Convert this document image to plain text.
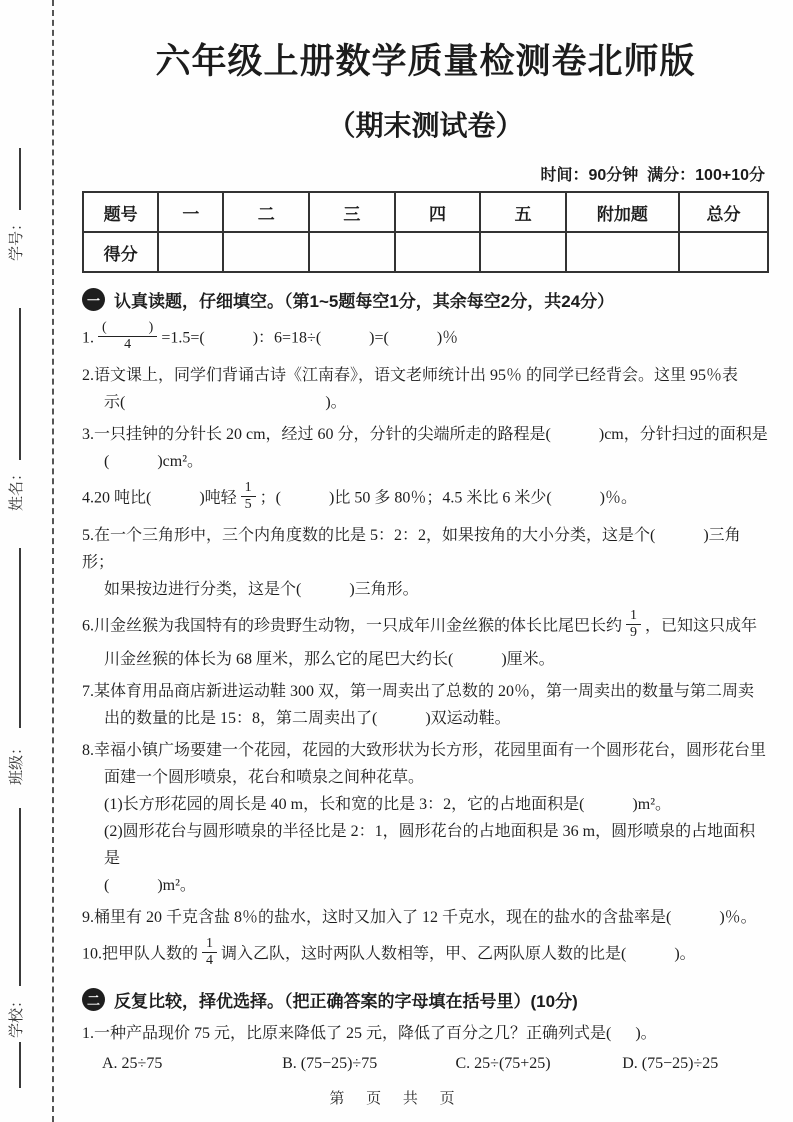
学号：
姓名：
班级：
学校：
六年级上册数学质量检测卷北师版
（期末测试卷）
时间：90分钟  满分：100+10分
题号	一	二	三	四	五	附加题	总分
得分							
一 认真读题，仔细填空。（第1~5题每空1分，其余每空2分，共24分）
1. $\frac{( )}{4} =1.5=$(            )：6=18÷(            )=(            )％
2.语文课上，同学们背诵古诗《江南春》，语文老师统计出 95％ 的同学已经背会。这里 95％表
示(                                                  )。
3.一只挂钟的分针长 20 cm，经过 60 分，分针的尖端所走的路程是(            )cm，分针扫过的面积是
(            )cm²。
4.20 吨比(            )吨轻 $\frac{1}{5}$ ；(            )比 50 多 80％；4.5 米比 6 米少(            )％。
5.在一个三角形中，三个内角度数的比是 5：2：2，如果按角的大小分类，这是个(            )三角形；
如果按边进行分类，这是个(            )三角形。
6.川金丝猴为我国特有的珍贵野生动物，一只成年川金丝猴的体长比尾巴长约 $\frac{1}{9}$ ，已知这只成年
川金丝猴的体长为 68 厘米，那么它的尾巴大约长(            )厘米。
7.某体育用品商店新进运动鞋 300 双，第一周卖出了总数的 20％，第一周卖出的数量与第二周卖
出的数量的比是 15：8，第二周卖出了(            )双运动鞋。
8.幸福小镇广场要建一个花园，花园的大致形状为长方形，花园里面有一个圆形花台，圆形花台里
面建一个圆形喷泉，花台和喷泉之间种花草。
(1)长方形花园的周长是 40 m，长和宽的比是 3：2，它的占地面积是(            )m²。
(2)圆形花台与圆形喷泉的半径比是 2：1，圆形花台的占地面积是 36 m，圆形喷泉的占地面积是
(            )m²。
9.桶里有 20 千克含盐 8％的盐水，这时又加入了 12 千克水，现在的盐水的含盐率是(            )％。
10.把甲队人数的 $\frac{1}{4}$ 调入乙队，这时两队人数相等，甲、乙两队原人数的比是(            )。
二 反复比较，择优选择。（把正确答案的字母填在括号里）(10分)
1.一种产品现价 75 元，比原来降低了 25 元，降低了百分之几？正确列式是(      )。
A. 25÷75	B. (75−25)÷75	C. 25÷(75+25)	D. (75−25)÷25
第 页 共 页
